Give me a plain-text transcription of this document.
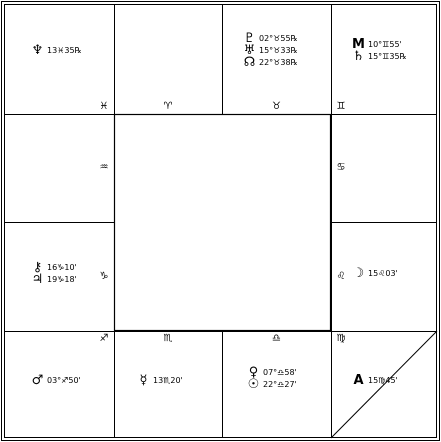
♓
♆ 13♓35℞
♈	♉
♇ 02°♉55℞
♅ 15°♉33℞
☊ 22°♉38℞
♊
M 10°♊55'
♄ 15°♊35℞
♒	♋
♑
⚷ 16♑10'
♃ 19♑18'	♌ ☽ 15♌03'
♐
♂ 03°♐50'
♏
☿ 13♏20'
♎
♀ 07°♎58'
☉ 22°♎27'
♍
A 15♍45'
